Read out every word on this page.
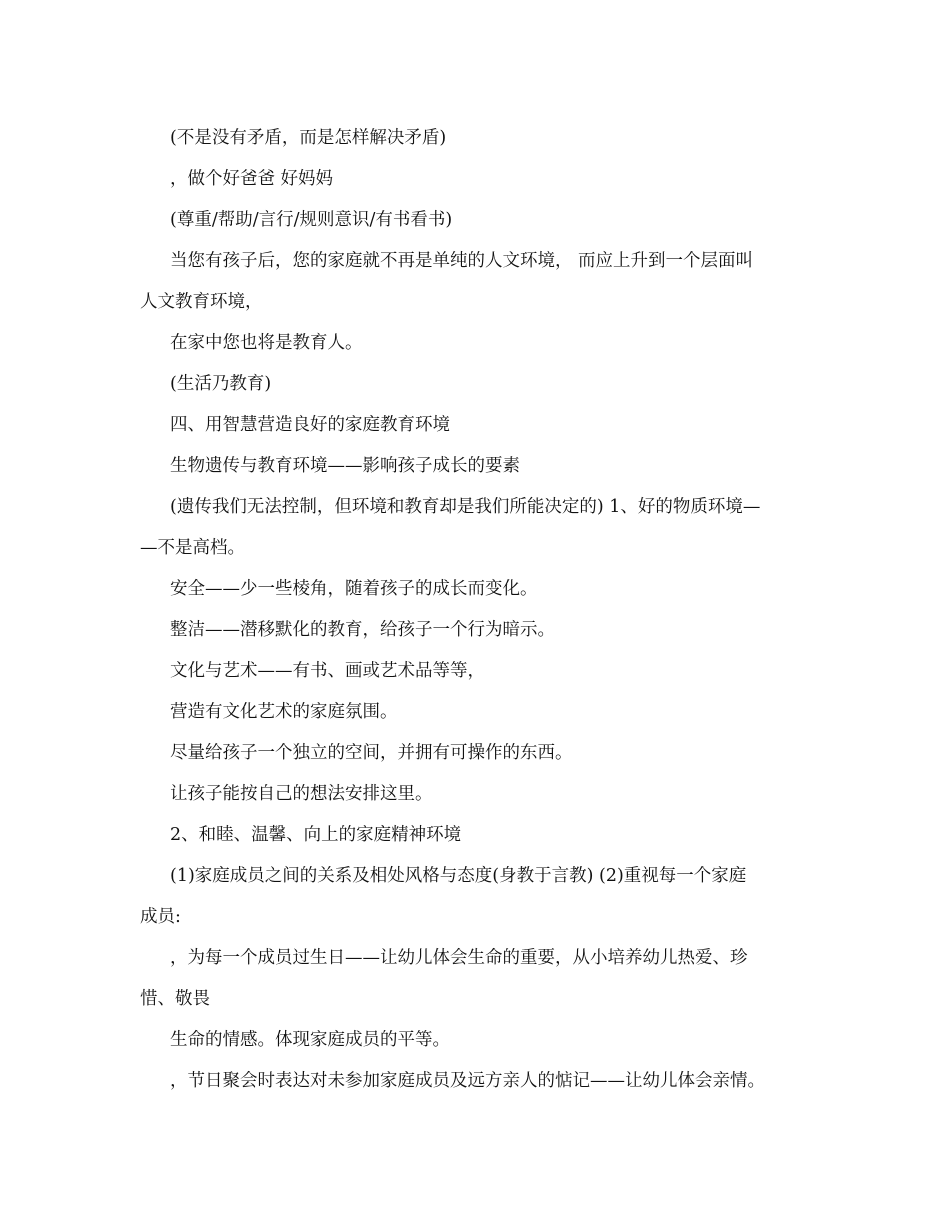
(不是没有矛盾，而是怎样解决矛盾)
，做个好爸爸 好妈妈
(尊重/帮助/言行/规则意识/有书看书)
当您有孩子后，您的家庭就不再是单纯的人文环境， 而应上升到一个层面叫
人文教育环境，
在家中您也将是教育人。
(生活乃教育)
四、用智慧营造良好的家庭教育环境
生物遗传与教育环境——影响孩子成长的要素
(遗传我们无法控制，但环境和教育却是我们所能决定的) 1、好的物质环境—
—不是高档。
安全——少一些棱角，随着孩子的成长而变化。
整洁——潜移默化的教育，给孩子一个行为暗示。
文化与艺术——有书、画或艺术品等等，
营造有文化艺术的家庭氛围。
尽量给孩子一个独立的空间，并拥有可操作的东西。
让孩子能按自己的想法安排这里。
2、和睦、温馨、向上的家庭精神环境
(1)家庭成员之间的关系及相处风格与态度(身教于言教) (2)重视每一个家庭
成员:
，为每一个成员过生日——让幼儿体会生命的重要，从小培养幼儿热爱、珍
惜、敬畏
生命的情感。体现家庭成员的平等。
，节日聚会时表达对未参加家庭成员及远方亲人的惦记——让幼儿体会亲情。
